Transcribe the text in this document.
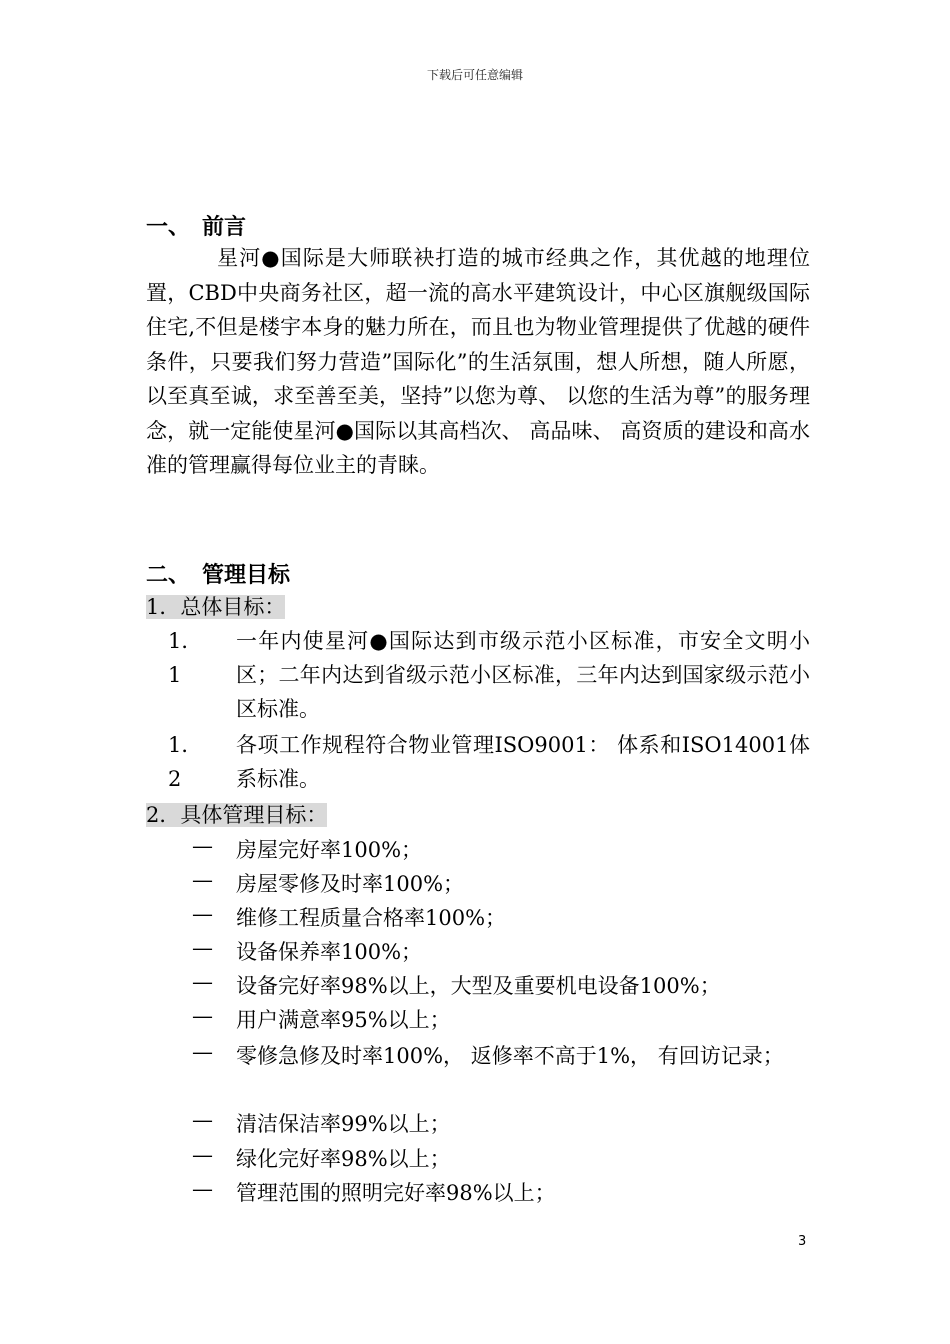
下载后可任意编辑
一、 前言
星河●国际是大师联袂打造的城市经典之作，其优越的地理位置，CBD中央商务社区，超一流的高水平建筑设计，中心区旗舰级国际住宅,不但是楼宇本身的魅力所在，而且也为物业管理提供了优越的硬件条件，只要我们努力营造”国际化”的生活氛围，想人所想，随人所愿，以至真至诚，求至善至美，坚持”以您为尊、 以您的生活为尊”的服务理念，就一定能使星河●国际以其高档次、 高品味、 高资质的建设和高水准的管理赢得每位业主的青睐。
二、 管理目标
1．总体目标：
1．1
一年内使星河●国际达到市级示范小区标准，市安全文明小区；二年内达到省级示范小区标准，三年内达到国家级示范小区标准。
1．2
各项工作规程符合物业管理ISO9001： 体系和ISO14001体系标准。
2．具体管理目标：
— 房屋完好率100%；
— 房屋零修及时率100%；
— 维修工程质量合格率100%；
— 设备保养率100%；
— 设备完好率98%以上，大型及重要机电设备100%；
— 用户满意率95%以上；
— 零修急修及时率100%， 返修率不高于1%， 有回访记录；
— 清洁保洁率99%以上；
— 绿化完好率98%以上；
— 管理范围的照明完好率98%以上；
3
